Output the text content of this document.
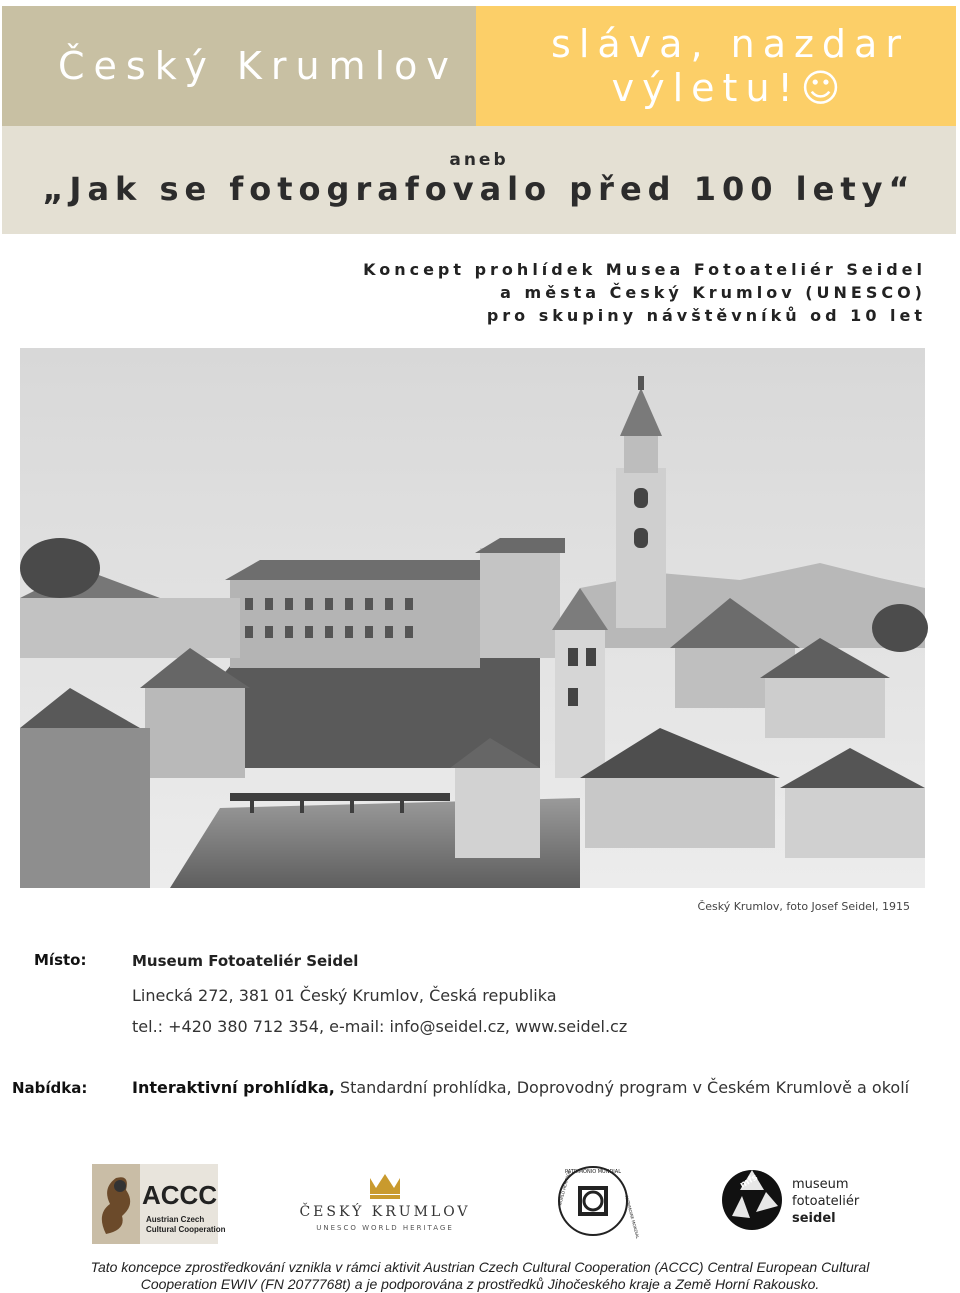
Český Krumlov	sláva, nazdar výletu!☺
aneb
„Jak se fotografovalo před 100 lety“
Koncept prohlídek Musea Fotoateliér Seidel
a města Český Krumlov (UNESCO)
pro skupiny návštěvníků od 10 let
Český Krumlov, foto Josef Seidel, 1915
Místo:	Museum Fotoateliér Seidel
Linecká 272, 381 01 Český Krumlov, Česká republika
tel.: +420 380 712 354, e-mail: info@seidel.cz, www.seidel.cz
Nabídka:	Interaktivní prohlídka, Standardní prohlídka, Doprovodný program v Českém Krumlově a okolí
ACCC
Austrian Czech
Cultural Cooperation
ČESKÝ KRUMLOV
UNESCO WORLD HERITAGE
PATRIMONIO MUNDIAL
WORLD HERITAGE
PATRIMOINE MONDIAL
mfs museum
fotoateliér
seidel
Tato koncepce zprostředkování vznikla v rámci aktivit Austrian Czech Cultural Cooperation (ACCC) Central European Cultural Cooperation EWIV (FN 2077768t) a je podporována z prostředků Jihočeského kraje a Země Horní Rakousko.
